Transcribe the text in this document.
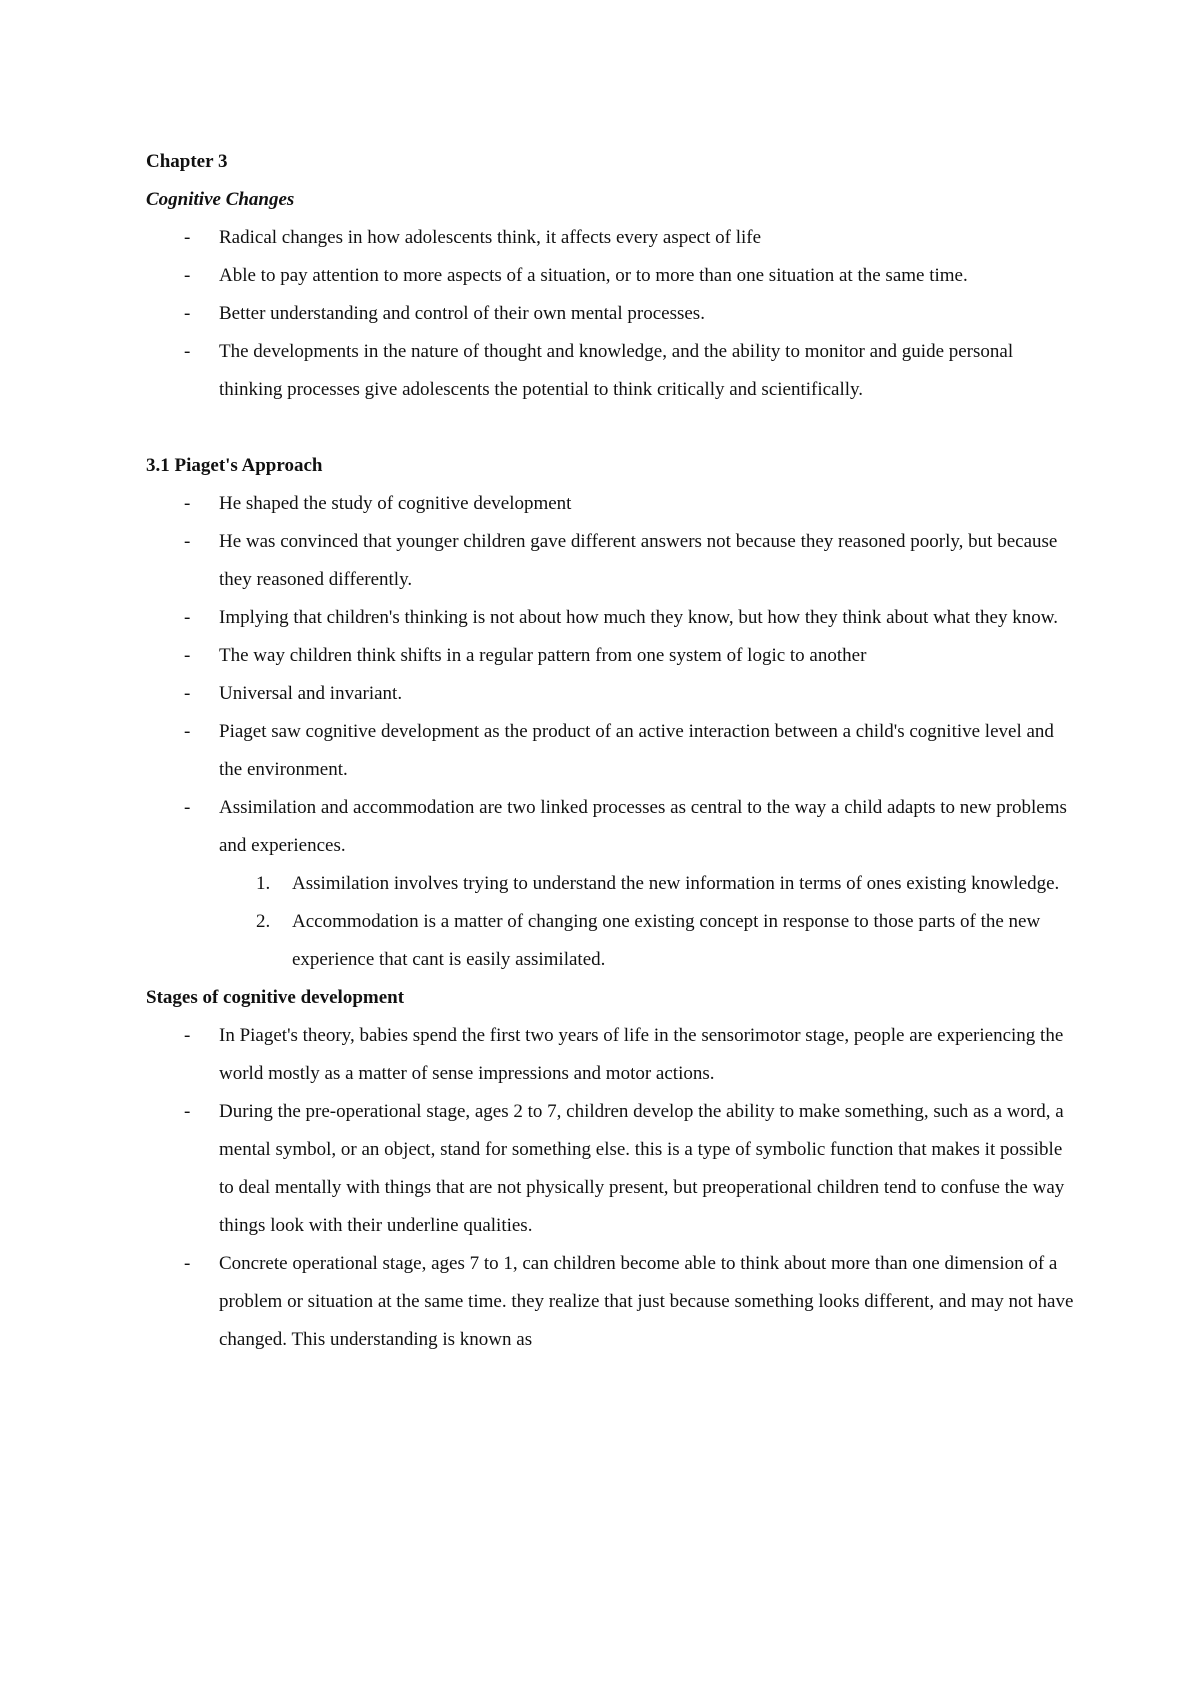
Chapter 3

Cognitive Changes

- Radical changes in how adolescents think, it affects every aspect of life
- Able to pay attention to more aspects of a situation, or to more than one situation at the same time.
- Better understanding and control of their own mental processes.
- The developments in the nature of thought and knowledge, and the ability to monitor and guide personal thinking processes give adolescents the potential to think critically and scientifically.

3.1 Piaget's Approach

- He shaped the study of cognitive development
- He was convinced that younger children gave different answers not because they reasoned poorly, but because they reasoned differently.
- Implying that children's thinking is not about how much they know, but how they think about what they know.
- The way children think shifts in a regular pattern from one system of logic to another
- Universal and invariant.
- Piaget saw cognitive development as the product of an active interaction between a child's cognitive level and the environment.
- Assimilation and accommodation are two linked processes as central to the way a child adapts to new problems and experiences.
1. Assimilation involves trying to understand the new information in terms of ones existing knowledge.
2. Accommodation is a matter of changing one existing concept in response to those parts of the new experience that cant is easily assimilated.

Stages of cognitive development

- In Piaget's theory, babies spend the first two years of life in the sensorimotor stage, people are experiencing the world mostly as a matter of sense impressions and motor actions.
- During the pre-operational stage, ages 2 to 7, children develop the ability to make something, such as a word, a mental symbol, or an object, stand for something else. this is a type of symbolic function that makes it possible to deal mentally with things that are not physically present, but preoperational children tend to confuse the way things look with their underline qualities.
- Concrete operational stage, ages 7 to 1, can children become able to think about more than one dimension of a problem or situation at the same time. they realize that just because something looks different, and may not have changed. This understanding is known as
